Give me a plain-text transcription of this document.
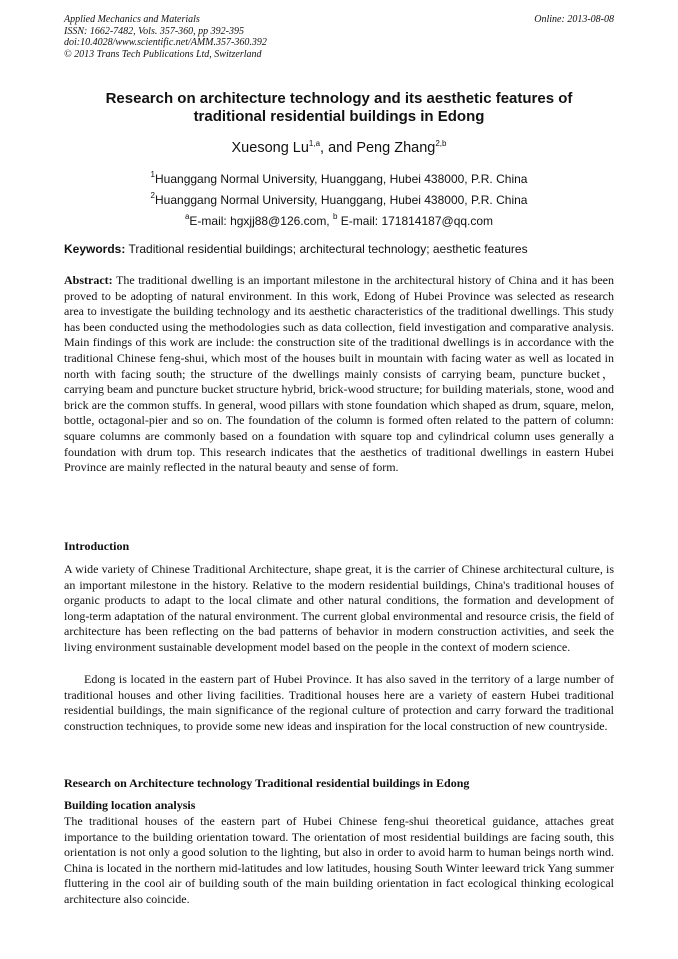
Applied Mechanics and Materials
ISSN: 1662-7482, Vols. 357-360, pp 392-395
doi:10.4028/www.scientific.net/AMM.357-360.392
© 2013 Trans Tech Publications Ltd, Switzerland
Online: 2013-08-08
Research on architecture technology and its aesthetic features of
traditional residential buildings in Edong
Xuesong Lu$^{1,a}$, and Peng Zhang$^{2,b}$
$^1$Huanggang Normal University, Huanggang, Hubei 438000, P.R. China
$^2$Huanggang Normal University, Huanggang, Hubei 438000, P.R. China
$^a$E-mail: hgxjj88@126.com, $^b$ E-mail: 171814187@qq.com
Keywords: Traditional residential buildings; architectural technology; aesthetic features
Abstract: The traditional dwelling is an important milestone in the architectural history of China and it has been proved to be adopting of natural environment. In this work, Edong of Hubei Province was selected as research area to investigate the building technology and its aesthetic characteristics of the traditional dwellings. This study has been conducted using the methodologies such as data collection, field investigation and comparative analysis. Main findings of this work are include: the construction site of the traditional dwellings is in accordance with the traditional Chinese feng-shui, which most of the houses built in mountain with facing water as well as located in north with facing south; the structure of the dwellings mainly consists of carrying beam, puncture bucket， carrying beam and puncture bucket structure hybrid, brick-wood structure; for building materials, stone, wood and brick are the common stuffs. In general, wood pillars with stone foundation which shaped as drum, square, melon, bottle, octagonal-pier and so on. The foundation of the column is formed often related to the pattern of column: square columns are commonly based on a foundation with square top and cylindrical column uses generally a foundation with drum top. This research indicates that the aesthetics of traditional dwellings in eastern Hubei Province are mainly reflected in the natural beauty and sense of form.
Introduction
A wide variety of Chinese Traditional Architecture, shape great, it is the carrier of Chinese architectural culture, is an important milestone in the history. Relative to the modern residential buildings, China's traditional houses of organic products to adapt to the local climate and other natural conditions, the formation and development of long-term adaptation of the natural environment. The current global environmental and resource crisis, the field of architecture has been reflecting on the bad patterns of behavior in modern construction activities, and seek the living environment sustainable development model based on the people in the context of modern science.
Edong is located in the eastern part of Hubei Province. It has also saved in the territory of a large number of traditional houses and other living facilities. Traditional houses here are a variety of eastern Hubei traditional residential buildings, the main significance of the regional culture of protection and carry forward the traditional construction techniques, to provide some new ideas and inspiration for the local construction of new countryside.
Research on Architecture technology Traditional residential buildings in Edong
Building location analysis
The traditional houses of the eastern part of Hubei Chinese feng-shui theoretical guidance, attaches great importance to the building orientation toward. The orientation of most residential buildings are facing south, this orientation is not only a good solution to the lighting, but also in order to avoid harm to human beings north wind. China is located in the northern mid-latitudes and low latitudes, housing South Winter leeward trick Yang summer fluttering in the cool air of building south of the main building orientation in fact ecological thinking ecological architecture also coincide.
